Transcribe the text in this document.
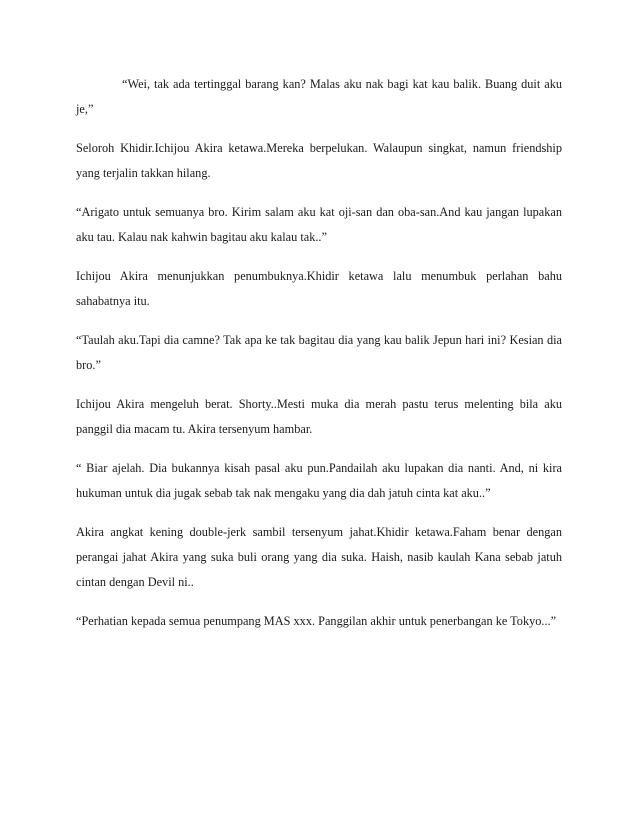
“Wei, tak ada tertinggal barang kan? Malas aku nak bagi kat kau balik. Buang duit aku je,”

Seloroh Khidir.Ichijou Akira ketawa.Mereka berpelukan. Walaupun singkat, namun friendship yang terjalin takkan hilang.

“Arigato untuk semuanya bro. Kirim salam aku kat oji-san dan oba-san.And kau jangan lupakan aku tau. Kalau nak kahwin bagitau aku kalau tak..”

Ichijou Akira menunjukkan penumbuknya.Khidir ketawa lalu menumbuk perlahan bahu sahabatnya itu.

“Taulah aku.Tapi dia camne? Tak apa ke tak bagitau dia yang kau balik Jepun hari ini? Kesian dia bro.”

Ichijou Akira mengeluh berat. Shorty..Mesti muka dia merah pastu terus melenting bila aku panggil dia macam tu. Akira tersenyum hambar.

“ Biar ajelah. Dia bukannya kisah pasal aku pun.Pandailah aku lupakan dia nanti. And, ni kira hukuman untuk dia jugak sebab tak nak mengaku yang dia dah jatuh cinta kat aku..”

Akira angkat kening double-jerk sambil tersenyum jahat.Khidir ketawa.Faham benar dengan perangai jahat Akira yang suka buli orang yang dia suka. Haish, nasib kaulah Kana sebab jatuh cintan dengan Devil ni..

“Perhatian kepada semua penumpang MAS xxx. Panggilan akhir untuk penerbangan ke Tokyo...”
